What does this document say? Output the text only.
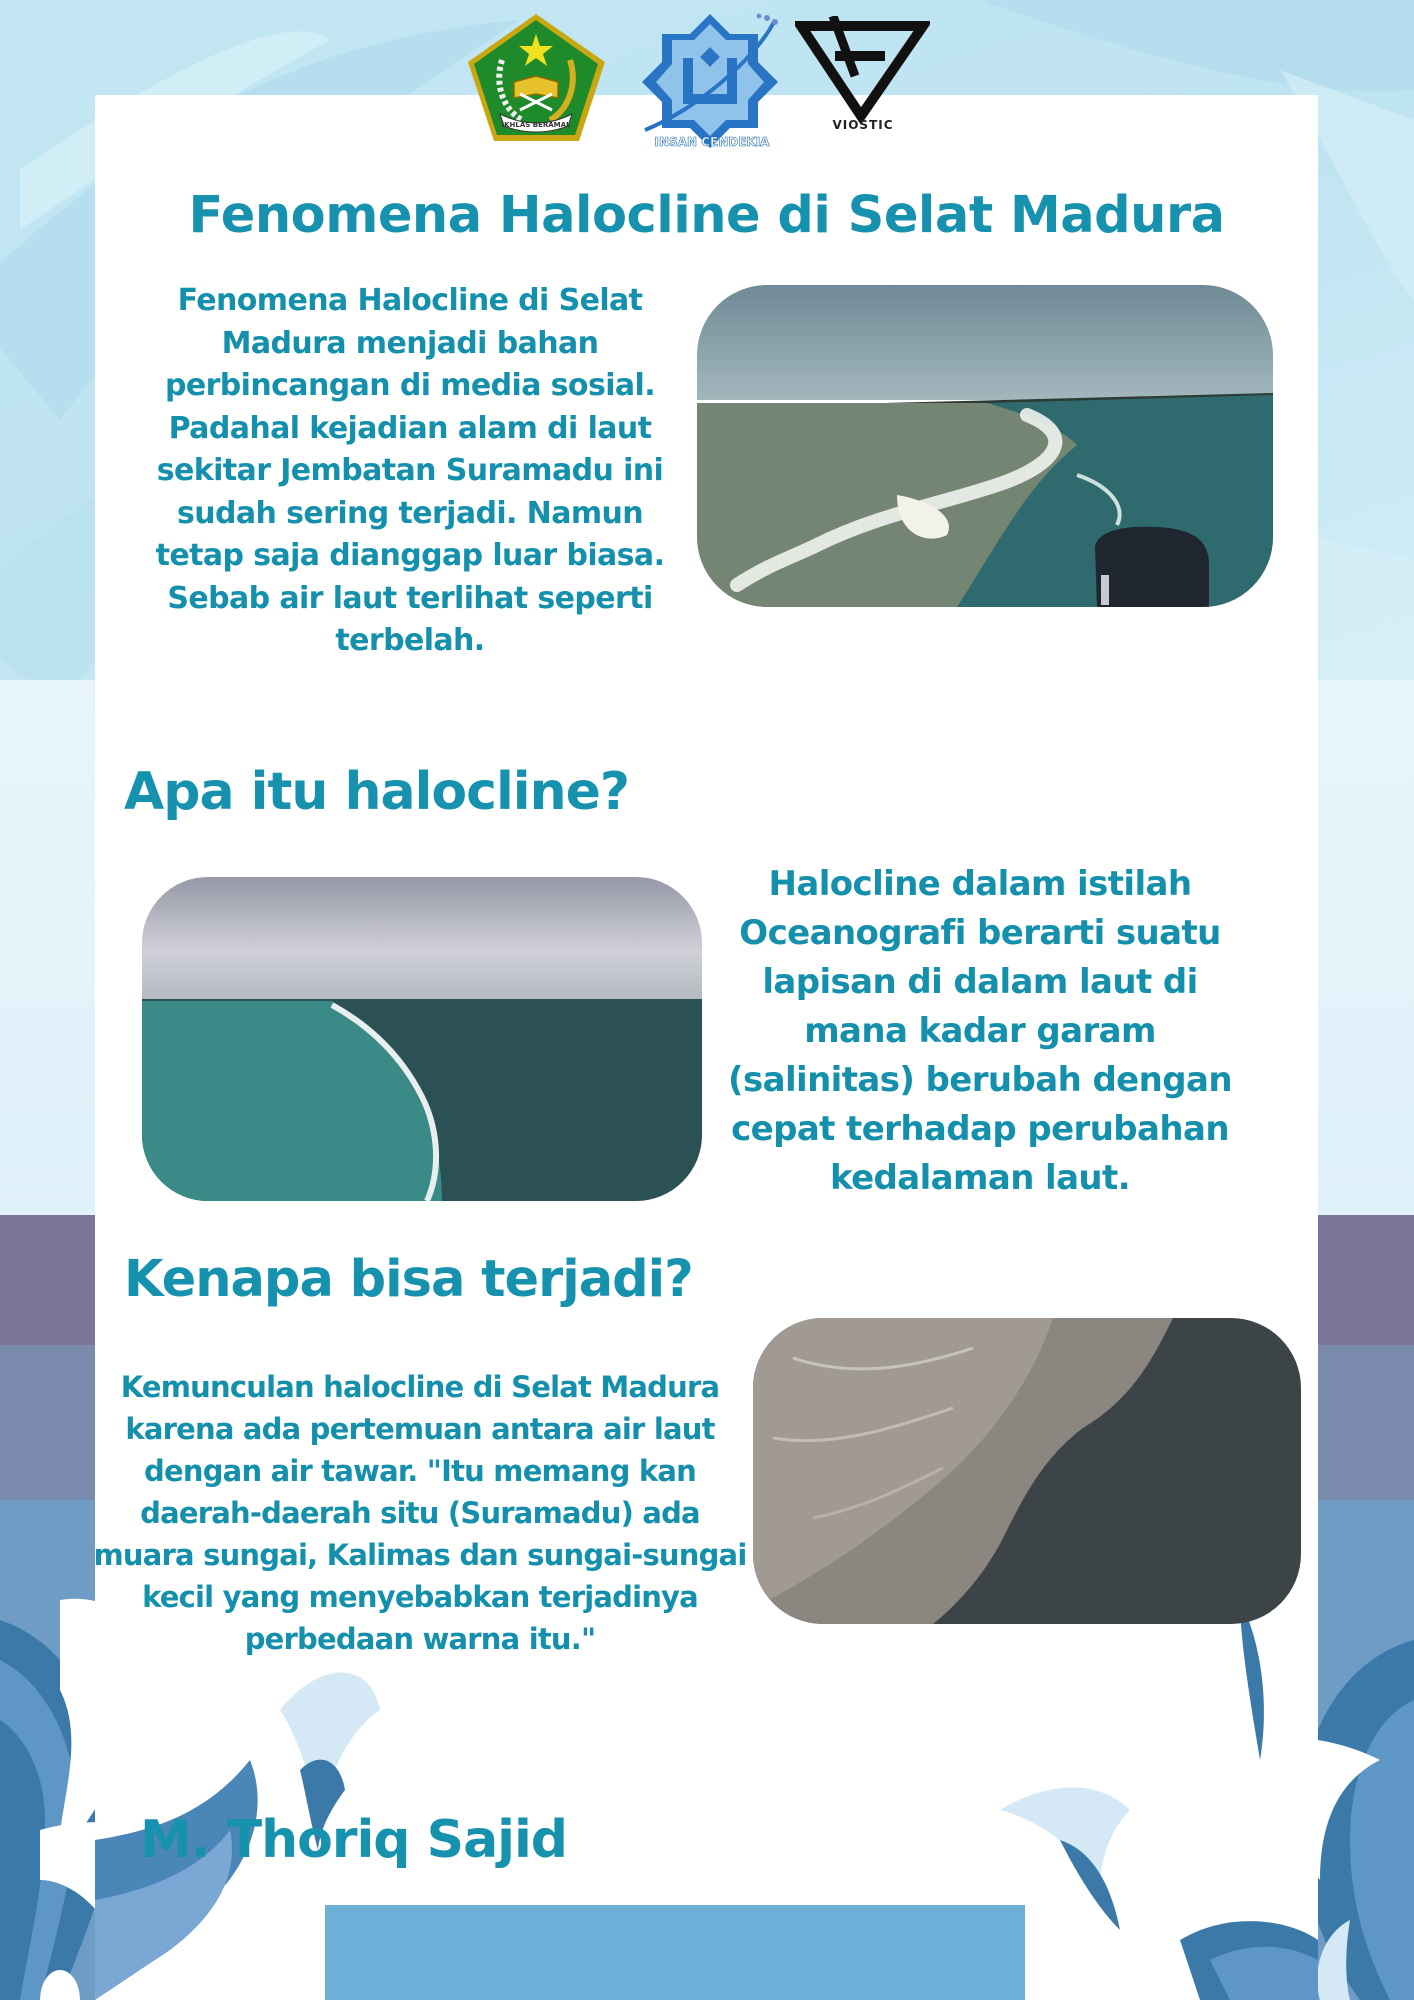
IKHLAS BERAMAL
INSAN CENDEKIA
VIOSTIC
Fenomena Halocline di Selat Madura
Fenomena Halocline di Selat
Madura menjadi bahan
perbincangan di media sosial.
Padahal kejadian alam di laut
sekitar Jembatan Suramadu ini
sudah sering terjadi. Namun
tetap saja dianggap luar biasa.
Sebab air laut terlihat seperti
terbelah.
Apa itu halocline?
Halocline dalam istilah
Oceanografi berarti suatu
lapisan di dalam laut di
mana kadar garam
(salinitas) berubah dengan
cepat terhadap perubahan
kedalaman laut.
Kenapa bisa terjadi?
Kemunculan halocline di Selat Madura
karena ada pertemuan antara air laut
dengan air tawar. "Itu memang kan
daerah-daerah situ (Suramadu) ada
muara sungai, Kalimas dan sungai-sungai
kecil yang menyebabkan terjadinya
perbedaan warna itu."
M. Thoriq Sajid
